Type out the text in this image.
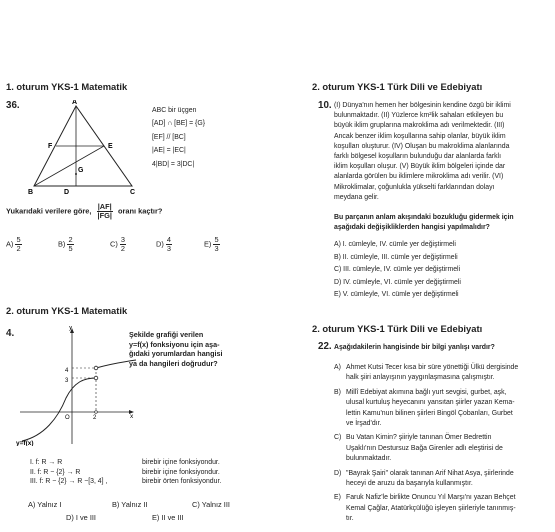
1. oturum YKS-1 Matematik
36.	A
B	C
D
E
F
G
ABC bir üçgen
[AD] ∩ [BE] = {G}
[EF] // [BC]
|AE| = |EC|
4|BD| = 3|DC|
Yukarıdaki verilere göre, $\frac{|AF|}{|FG|}$ oranı kaçtır?
$A) \frac{5}{2}$	$B) \frac{2}{5}$	$C) \frac{3}{2}$	$D) \frac{4}{3}$	$E) \frac{5}{3}$
2. oturum YKS-1 Matematik
4.
y
x
O	2
4
3
y=f(x)
Şekilde grafiği verilen
y=f(x) fonksiyonu için aşa-
ğıdaki yorumlardan hangisi
ya da hangileri doğrudur?
I. f: R → R	birebir içine fonksiyondur.
II. f: R − {2} → R	birebir içine fonksiyondur.
III. f: R − {2} → R −[3, 4] ,	birebir örten fonksiyondur.
A) Yalnız I	B) Yalnız II	C) Yalnız III
D) I ve III	E) II ve III
2. oturum YKS-1 Türk Dili ve Edebiyatı
10. (I) Dünya'nın hemen her bölgesinin kendine özgü bir iklimi
bulunmaktadır. (II) Yüzlerce km²lik sahaları etkileyen bu
büyük iklim gruplarına makroklima adı verilmektedir. (III)
Ancak benzer iklim koşullarına sahip olanlar, büyük iklim
koşulları oluşturur. (IV) Oluşan bu makroklima alanlarında
farklı bölgesel koşulların bulunduğu dar alanlarda farklı
iklim koşulları oluşur. (V) Büyük iklim bölgeleri içinde dar
alanlarda görülen bu iklimlere mikroklima adı verilir. (VI)
Mikroklimalar, çoğunlukla yükselti farklarından dolayı
meydana gelir.
Bu parçanın anlam akışındaki bozukluğu gidermek için
aşağıdaki değişikliklerden hangisi yapılmalıdır?
A) I. cümleyle, IV. cümle yer değiştirmeli
B) II. cümleyle, III. cümle yer değiştirmeli
C) III. cümleyle, IV. cümle yer değiştirmeli
D) IV. cümleyle, VI. cümle yer değiştirmeli
E) V. cümleyle, VI. cümle yer değiştirmeli
2. oturum YKS-1 Türk Dili ve Edebiyatı
22. Aşağıdakilerin hangisinde bir bilgi yanlışı vardır?
A) Ahmet Kutsi Tecer kısa bir süre yönettiği Ülkü dergisinde
halk şiiri anlayışının yaygınlaşmasına çalışmıştır.
B) Millî Edebiyat akımına bağlı yurt sevgisi, gurbet, aşk,
ulusal kurtuluş heyecanını yansıtan şiirler yazan Kema-
lettin Kamu'nun bilinen şiirleri Bingöl Çobanları, Gurbet
ve İrşad'dır.
C) Bu Vatan Kimin? şiiriyle tanınan Ömer Bedrettin
Uşaklı'nın Destursuz Bağa Girenler adlı eleştirisi de
bulunmaktadır.
D) "Bayrak Şairi" olarak tanınan Arif Nihat Asya, şiirlerinde
heceyi de aruzu da başarıyla kullanmıştır.
E) Faruk Nafiz'le birlikte Onuncu Yıl Marşı'nı yazan Behçet
Kemal Çağlar, Atatürkçülüğü işleyen şiirleriyle tanınmış-
tır.
